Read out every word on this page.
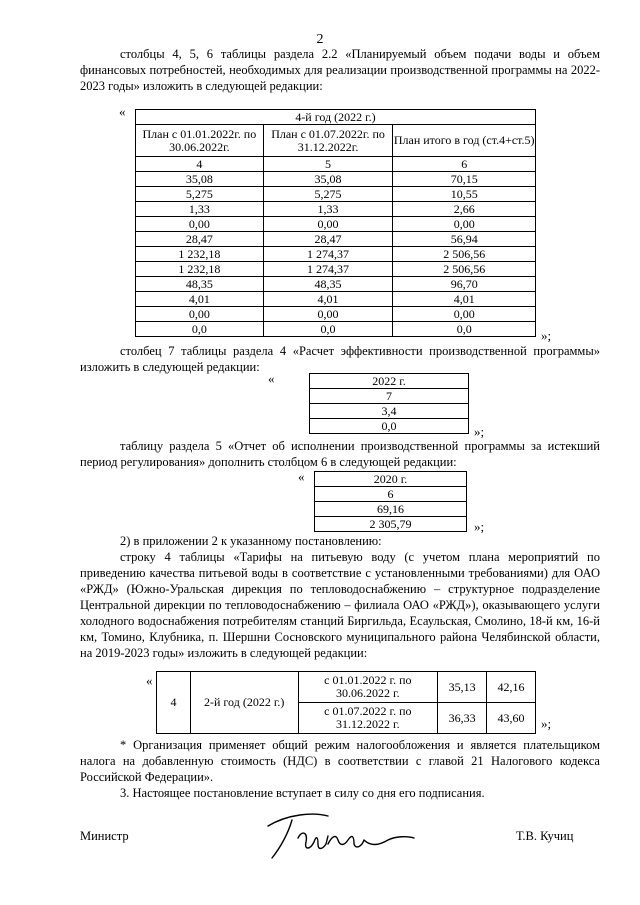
2

столбцы 4, 5, 6 таблицы раздела 2.2 «Планируемый объем подачи воды и объем финансовых потребностей, необходимых для реализации производственной программы на 2022-2023 годы» изложить в следующей редакции:

«	4-й год (2022 г.)		
План с 01.01.2022г. по 30.06.2022г.	План с 01.07.2022г. по 31.12.2022г.	План итого в год (ст.4+ст.5)
4	5	6
35,08	35,08	70,15
5,275	5,275	10,55
1,33	1,33	2,66
0,00	0,00	0,00
28,47	28,47	56,94
1 232,18	1 274,37	2 506,56
1 232,18	1 274,37	2 506,56
48,35	48,35	96,70
4,01	4,01	4,01
0,00	0,00	0,00
0,0	0,0	0,0	»;

столбец 7 таблицы раздела 4 «Расчет эффективности производственной программы» изложить в следующей редакции:

«	2022 г.
7
3,4
0,0	»;

таблицу раздела 5 «Отчет об исполнении производственной программы за истекший период регулирования» дополнить столбцом 6 в следующей редакции:

«	2020 г.
6
69,16
2 305,79	»;

2) в приложении 2 к указанному постановлению:

строку 4 таблицы «Тарифы на питьевую воду (с учетом плана мероприятий по приведению качества питьевой воды в соответствие с установленными требованиями) для ОАО «РЖД» (Южно-Уральская дирекция по тепловодоснабжению – структурное подразделение Центральной дирекции по тепловодоснабжению – филиала ОАО «РЖД»), оказывающего услуги холодного водоснабжения потребителям станций Биргильда, Есаульская, Смолино, 18-й км, 16-й км, Томино, Клубника, п. Шершни Сосновского муниципального района Челябинской области, на 2019-2023 годы» изложить в следующей редакции:

«
4	2-й год (2022 г.)	с 01.01.2022 г. по 30.06.2022 г.	35,13	42,16
		с 01.07.2022 г. по 31.12.2022 г.	36,33	43,60 »;

* Организация применяет общий режим налогообложения и является плательщиком налога на добавленную стоимость (НДС) в соответствии с главой 21 Налогового кодекса Российской Федерации».

3. Настоящее постановление вступает в силу со дня его подписания.

Министр	Т.В. Кучиц
